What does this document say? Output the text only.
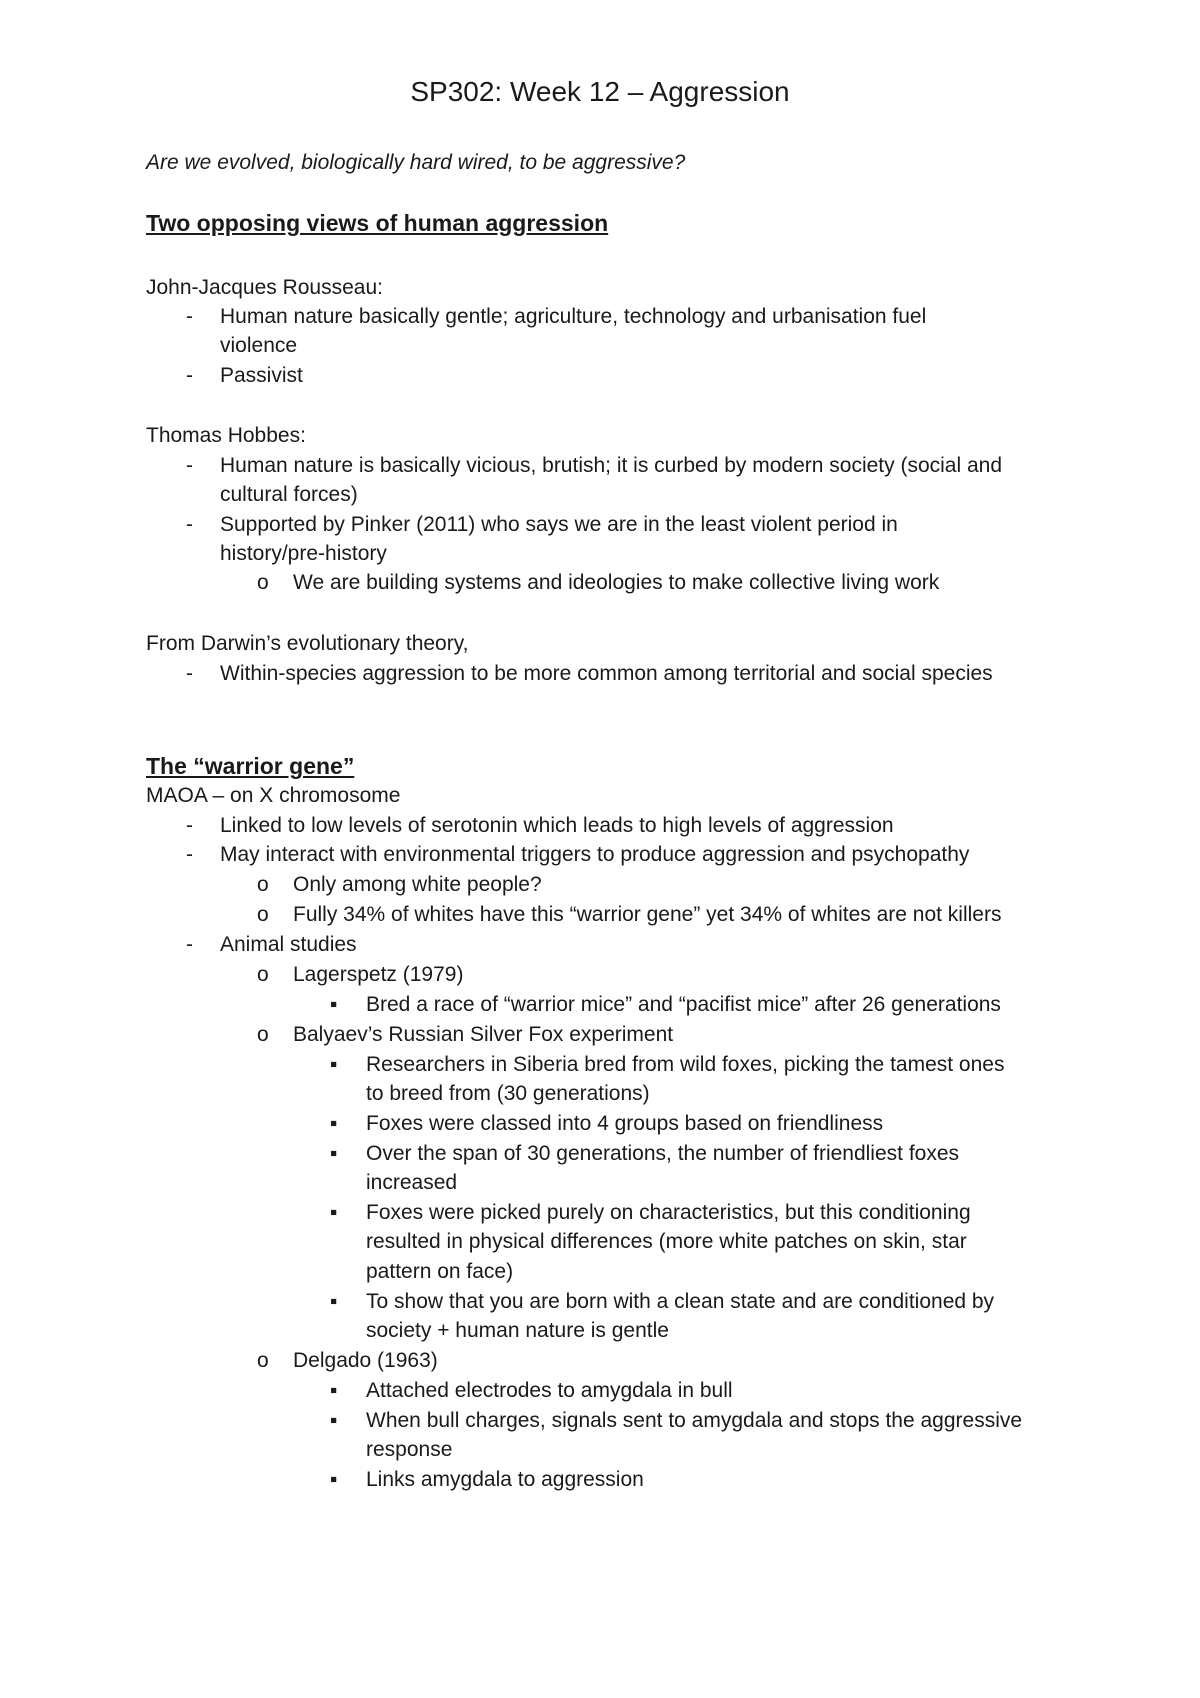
SP302: Week 12 – Aggression
Are we evolved, biologically hard wired, to be aggressive?
Two opposing views of human aggression
John-Jacques Rousseau:
- Human nature basically gentle; agriculture, technology and urbanisation fuel
violence
- Passivist
Thomas Hobbes:
- Human nature is basically vicious, brutish; it is curbed by modern society (social and
cultural forces)
- Supported by Pinker (2011) who says we are in the least violent period in
history/pre-history
o We are building systems and ideologies to make collective living work
From Darwin’s evolutionary theory,
- Within-species aggression to be more common among territorial and social species
The “warrior gene”
MAOA – on X chromosome
- Linked to low levels of serotonin which leads to high levels of aggression
- May interact with environmental triggers to produce aggression and psychopathy
o Only among white people?
o Fully 34% of whites have this “warrior gene” yet 34% of whites are not killers
- Animal studies
o Lagerspetz (1979)
▪ Bred a race of “warrior mice” and “pacifist mice” after 26 generations
o Balyaev’s Russian Silver Fox experiment
▪ Researchers in Siberia bred from wild foxes, picking the tamest ones
to breed from (30 generations)
▪ Foxes were classed into 4 groups based on friendliness
▪ Over the span of 30 generations, the number of friendliest foxes
increased
▪ Foxes were picked purely on characteristics, but this conditioning
resulted in physical differences (more white patches on skin, star
pattern on face)
▪ To show that you are born with a clean state and are conditioned by
society + human nature is gentle
o Delgado (1963)
▪ Attached electrodes to amygdala in bull
▪ When bull charges, signals sent to amygdala and stops the aggressive
response
▪ Links amygdala to aggression
